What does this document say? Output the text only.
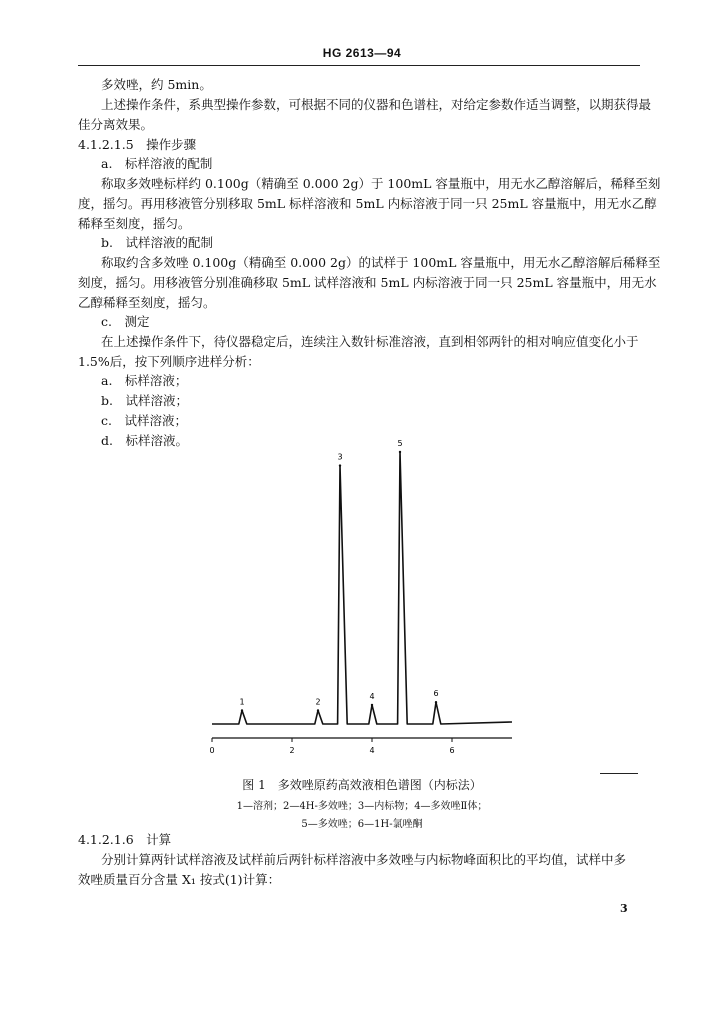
HG 2613—94
多效唑，约 5min。
上述操作条件，系典型操作参数，可根据不同的仪器和色谱柱，对给定参数作适当调整，以期获得最
佳分离效果。
4.1.2.1.5　操作步骤
a.　标样溶液的配制
称取多效唑标样约 0.100g（精确至 0.000 2g）于 100mL 容量瓶中，用无水乙醇溶解后，稀释至刻
度，摇匀。再用移液管分别移取 5mL 标样溶液和 5mL 内标溶液于同一只 25mL 容量瓶中，用无水乙醇
稀释至刻度，摇匀。
b.　试样溶液的配制
称取约含多效唑 0.100g（精确至 0.000 2g）的试样于 100mL 容量瓶中，用无水乙醇溶解后稀释至
刻度，摇匀。用移液管分别准确移取 5mL 试样溶液和 5mL 内标溶液于同一只 25mL 容量瓶中，用无水
乙醇稀释至刻度，摇匀。
c.　测定
在上述操作条件下，待仪器稳定后，连续注入数针标准溶液，直到相邻两针的相对响应值变化小于
1.5%后，按下列顺序进样分析：
a.　标样溶液；
b.　试样溶液；
c.　试样溶液；
d.　标样溶液。
0	2	4	6
1	2
3
4
5
6
图 1　多效唑原药高效液相色谱图（内标法）
1—溶剂；2—4H-多效唑；3—内标物；4—多效唑Ⅱ体；
5—多效唑；6—1H-氯唑酮
4.1.2.1.6　计算
分别计算两针试样溶液及试样前后两针标样溶液中多效唑与内标物峰面积比的平均值，试样中多
效唑质量百分含量 X₁ 按式(1)计算：
3
